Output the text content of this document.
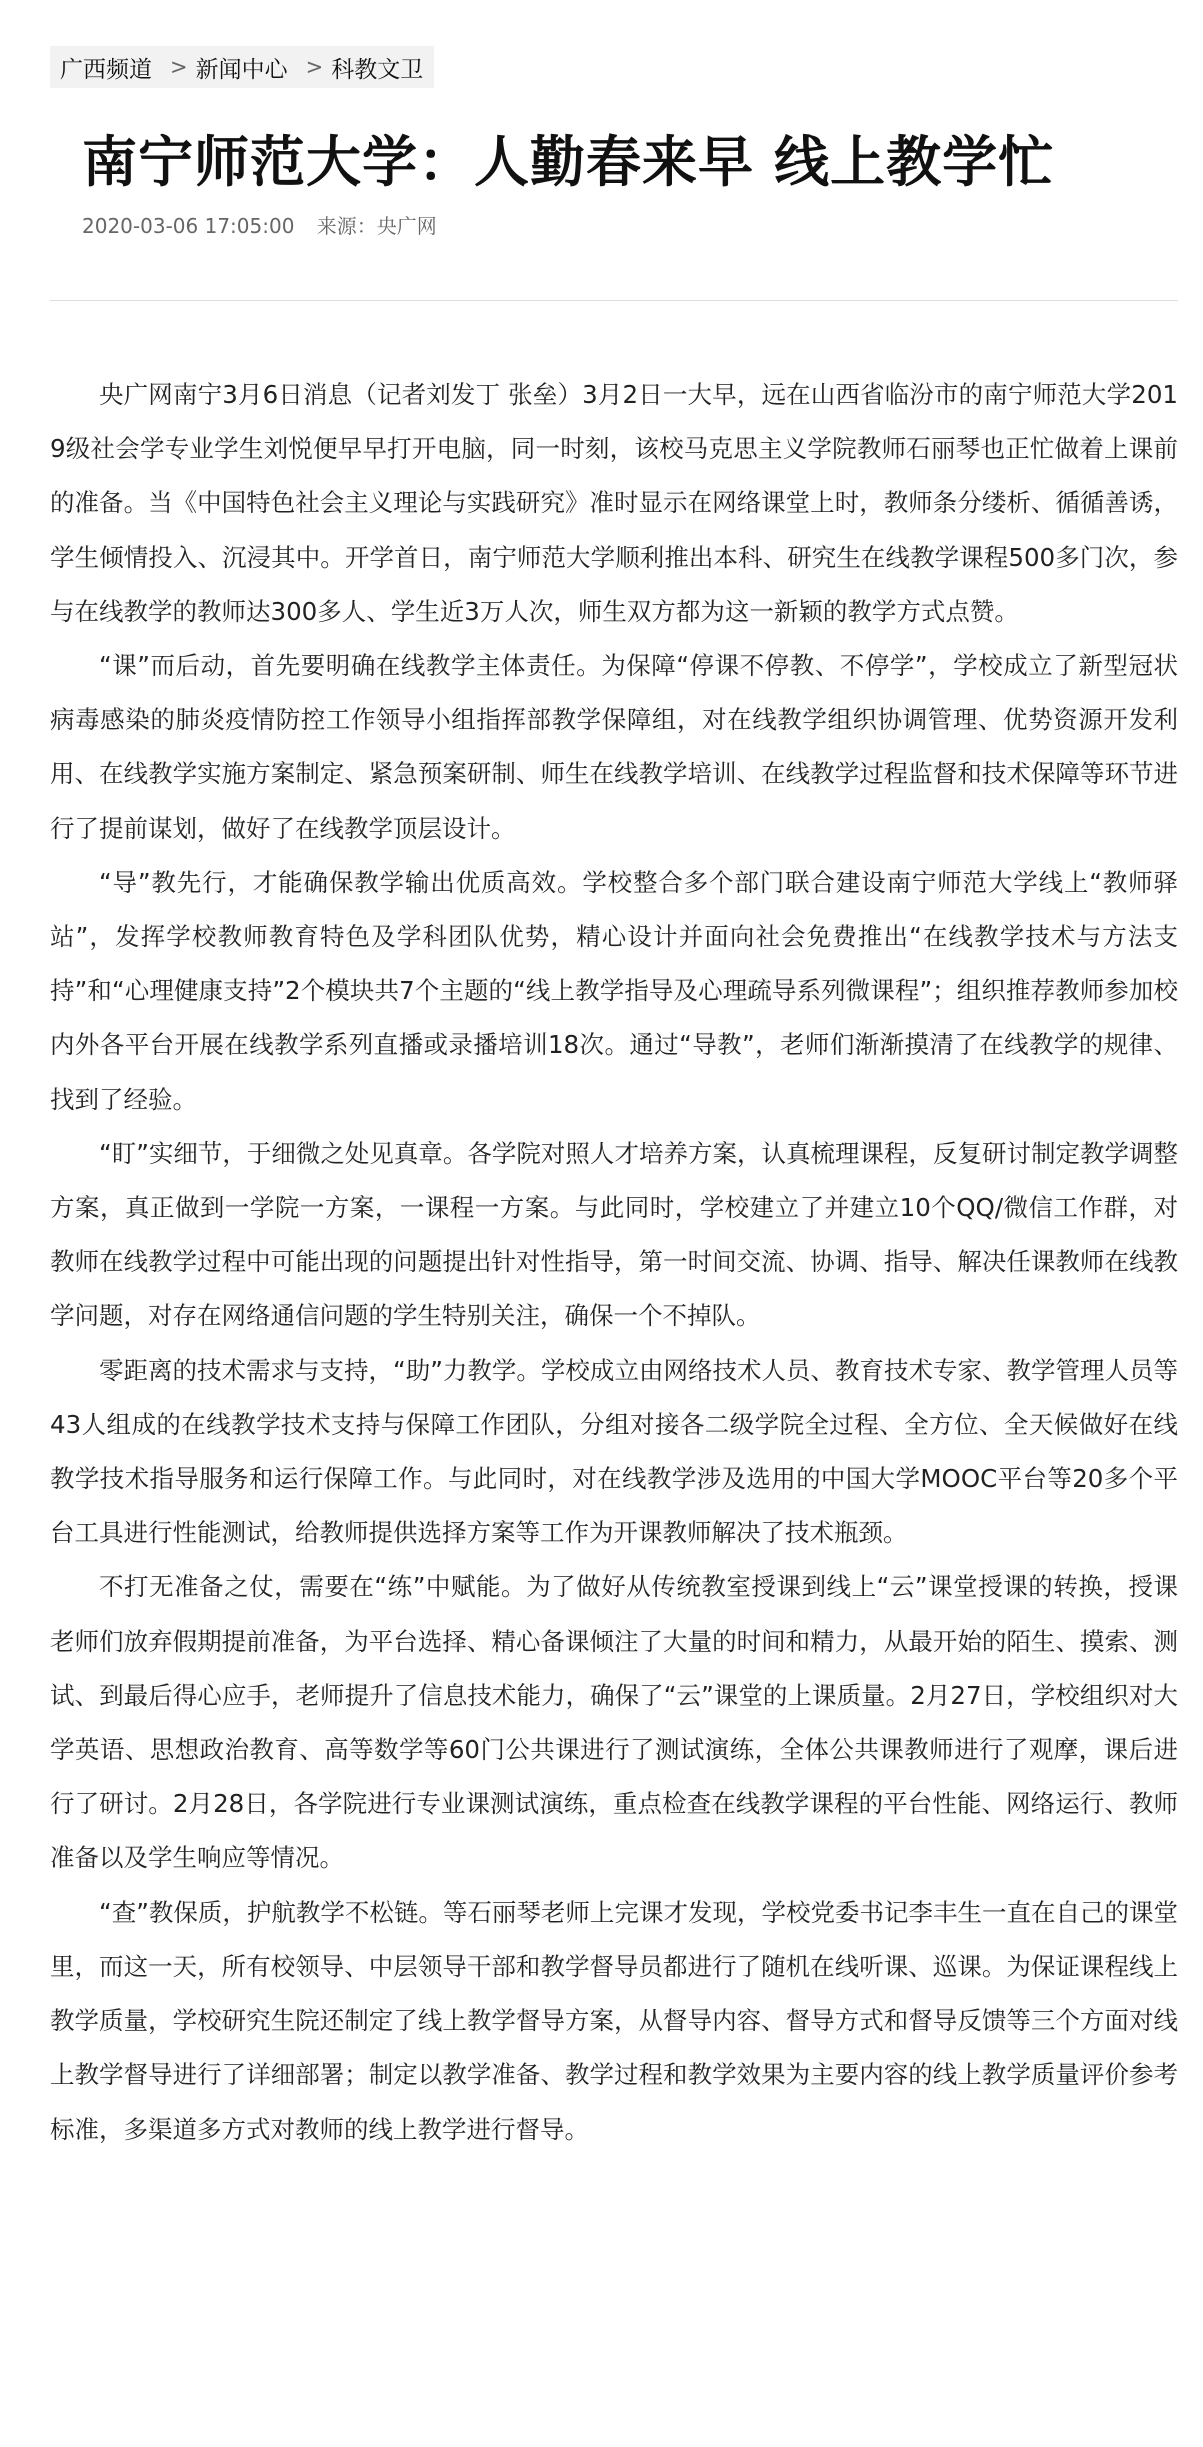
广西频道 > 新闻中心 > 科教文卫
南宁师范大学：人勤春来早 线上教学忙
2020-03-06 17:05:00 来源：央广网

央广网南宁3月6日消息（记者刘发丁 张垒）3月2日一大早，远在山西省临汾市的南宁师范大学2019级社会学专业学生刘悦便早早打开电脑，同一时刻，该校马克思主义学院教师石丽琴也正忙做着上课前的准备。当《中国特色社会主义理论与实践研究》准时显示在网络课堂上时，教师条分缕析、循循善诱，学生倾情投入、沉浸其中。开学首日，南宁师范大学顺利推出本科、研究生在线教学课程500多门次，参与在线教学的教师达300多人、学生近3万人次，师生双方都为这一新颖的教学方式点赞。

“课”而后动，首先要明确在线教学主体责任。为保障“停课不停教、不停学”，学校成立了新型冠状病毒感染的肺炎疫情防控工作领导小组指挥部教学保障组，对在线教学组织协调管理、优势资源开发利用、在线教学实施方案制定、紧急预案研制、师生在线教学培训、在线教学过程监督和技术保障等环节进行了提前谋划，做好了在线教学顶层设计。

“导”教先行，才能确保教学输出优质高效。学校整合多个部门联合建设南宁师范大学线上“教师驿站”，发挥学校教师教育特色及学科团队优势，精心设计并面向社会免费推出“在线教学技术与方法支持”和“心理健康支持”2个模块共7个主题的“线上教学指导及心理疏导系列微课程”；组织推荐教师参加校内外各平台开展在线教学系列直播或录播培训18次。通过“导教”，老师们渐渐摸清了在线教学的规律、找到了经验。

“盯”实细节，于细微之处见真章。各学院对照人才培养方案，认真梳理课程，反复研讨制定教学调整方案，真正做到一学院一方案，一课程一方案。与此同时，学校建立了并建立10个QQ/微信工作群，对教师在线教学过程中可能出现的问题提出针对性指导，第一时间交流、协调、指导、解决任课教师在线教学问题，对存在网络通信问题的学生特别关注，确保一个不掉队。

零距离的技术需求与支持，“助”力教学。学校成立由网络技术人员、教育技术专家、教学管理人员等43人组成的在线教学技术支持与保障工作团队，分组对接各二级学院全过程、全方位、全天候做好在线教学技术指导服务和运行保障工作。与此同时，对在线教学涉及选用的中国大学MOOC平台等20多个平台工具进行性能测试，给教师提供选择方案等工作为开课教师解决了技术瓶颈。

不打无准备之仗，需要在“练”中赋能。为了做好从传统教室授课到线上“云”课堂授课的转换，授课老师们放弃假期提前准备，为平台选择、精心备课倾注了大量的时间和精力，从最开始的陌生、摸索、测试、到最后得心应手，老师提升了信息技术能力，确保了“云”课堂的上课质量。2月27日，学校组织对大学英语、思想政治教育、高等数学等60门公共课进行了测试演练，全体公共课教师进行了观摩，课后进行了研讨。2月28日，各学院进行专业课测试演练，重点检查在线教学课程的平台性能、网络运行、教师准备以及学生响应等情况。

“查”教保质，护航教学不松链。等石丽琴老师上完课才发现，学校党委书记李丰生一直在自己的课堂里，而这一天，所有校领导、中层领导干部和教学督导员都进行了随机在线听课、巡课。为保证课程线上教学质量，学校研究生院还制定了线上教学督导方案，从督导内容、督导方式和督导反馈等三个方面对线上教学督导进行了详细部署；制定以教学准备、教学过程和教学效果为主要内容的线上教学质量评价参考标准，多渠道多方式对教师的线上教学进行督导。
